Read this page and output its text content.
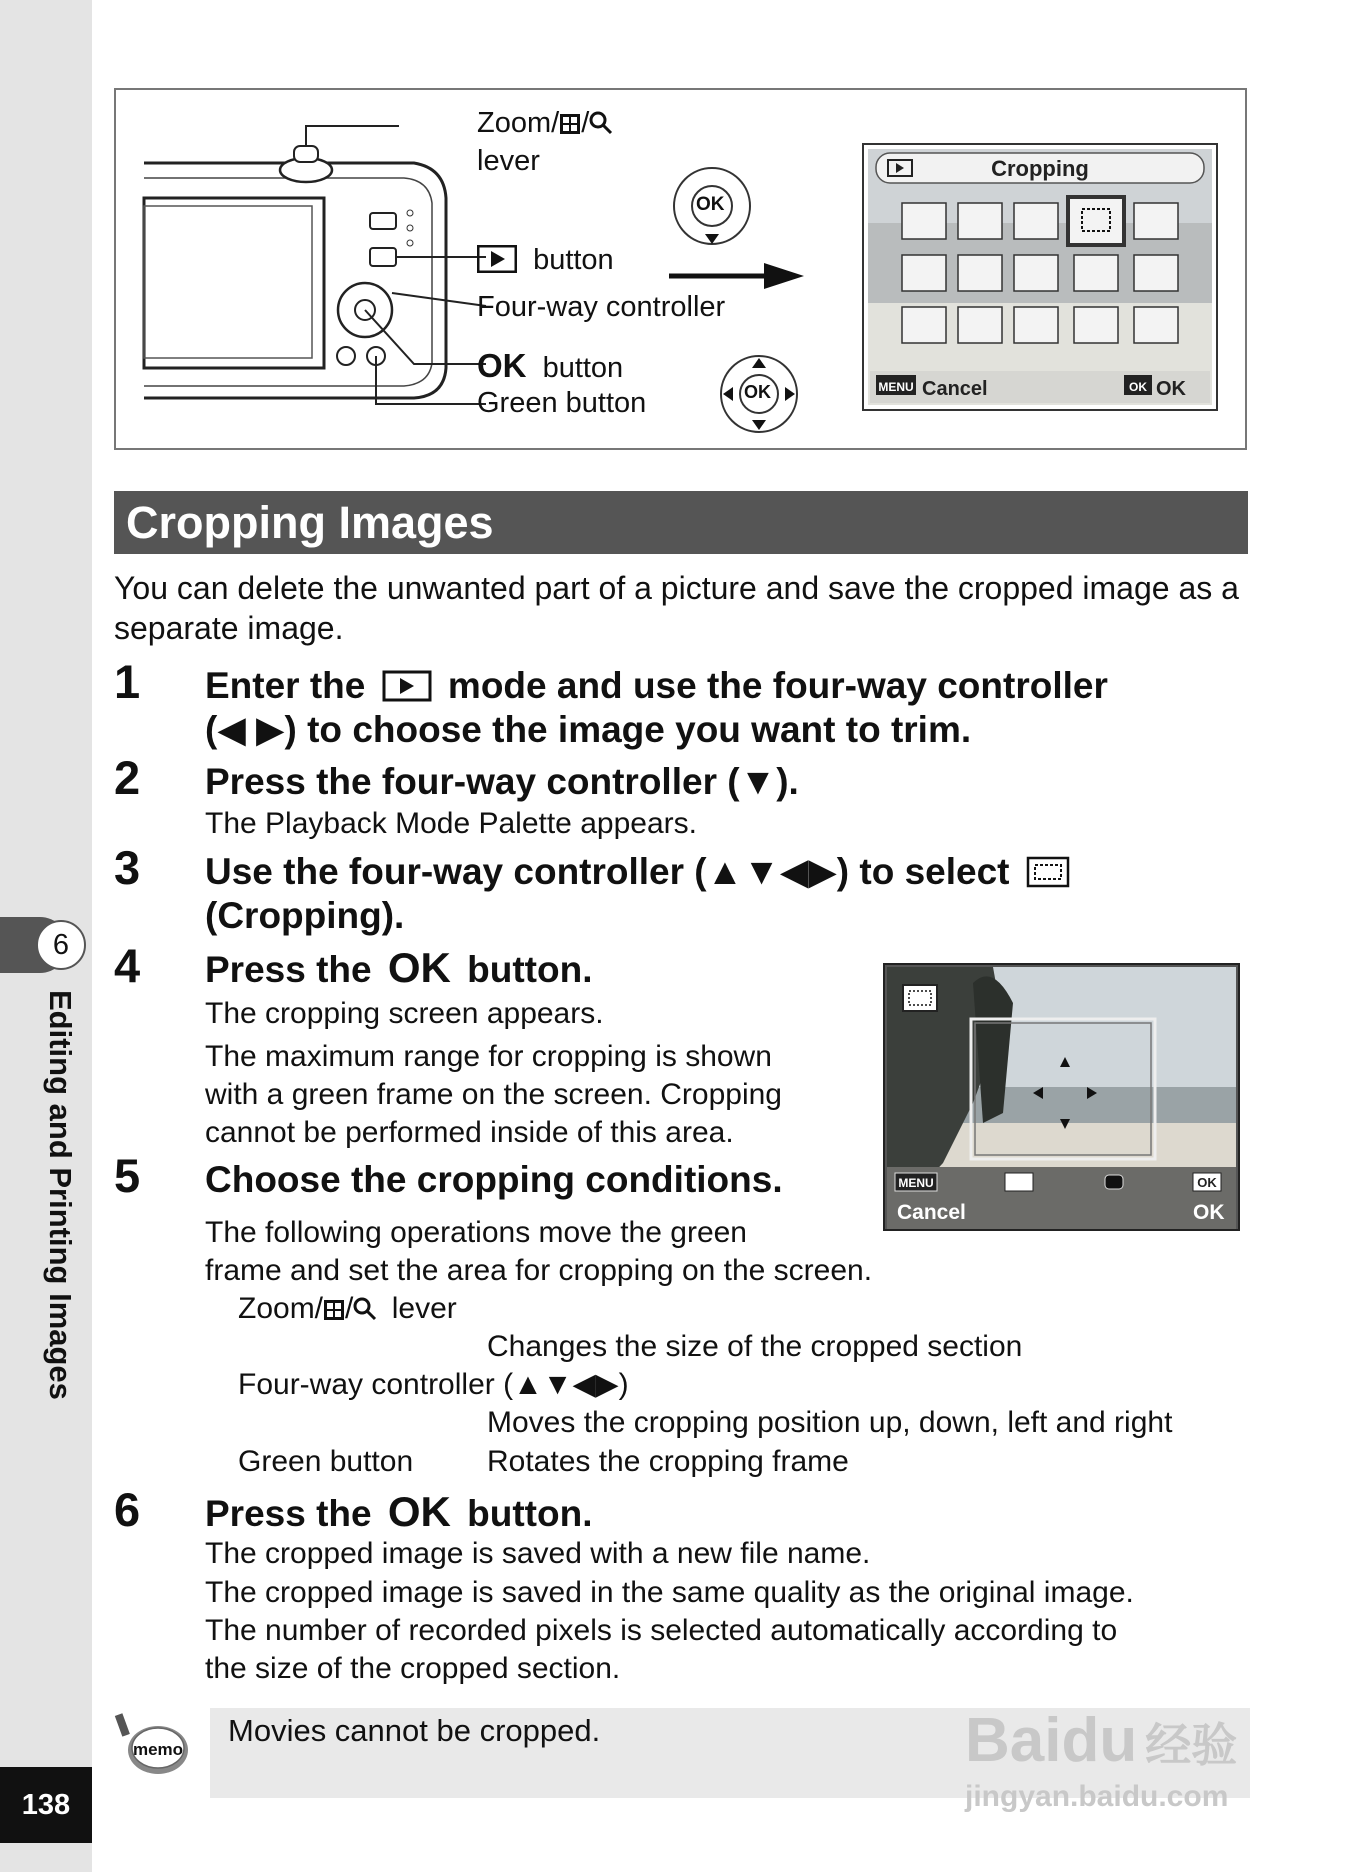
6
Editing and Printing Images
138
Zoom/ /
lever
button
Four-way controller
OK button
Green button
OK
OK
Cropping
MENU Cancel	OK OK
Cropping Images
You can delete the unwanted part of a picture and save the cropped image as a separate image.
1 Enter the mode and use the four-way controller
(◀ ▶) to choose the image you want to trim.
2 Press the four-way controller (▼).
The Playback Mode Palette appears.
3 Use the four-way controller (▲▼◀▶) to select
(Cropping).
4 Press the OK button.
The cropping screen appears.
The maximum range for cropping is shown
with a green frame on the screen. Cropping
cannot be performed inside of this area.
MENU
Cancel
OK
OK
5 Choose the cropping conditions.
The following operations move the green
frame and set the area for cropping on the screen.
Zoom/ / lever
Changes the size of the cropped section
Four-way controller (▲▼◀▶)
Moves the cropping position up, down, left and right
Green button Rotates the cropping frame
6 Press the OK button.
The cropped image is saved with a new file name.
The cropped image is saved in the same quality as the original image.
The number of recorded pixels is selected automatically according to
the size of the cropped section.
memo
Movies cannot be cropped.	Baidu 经验
jingyan.baidu.com
